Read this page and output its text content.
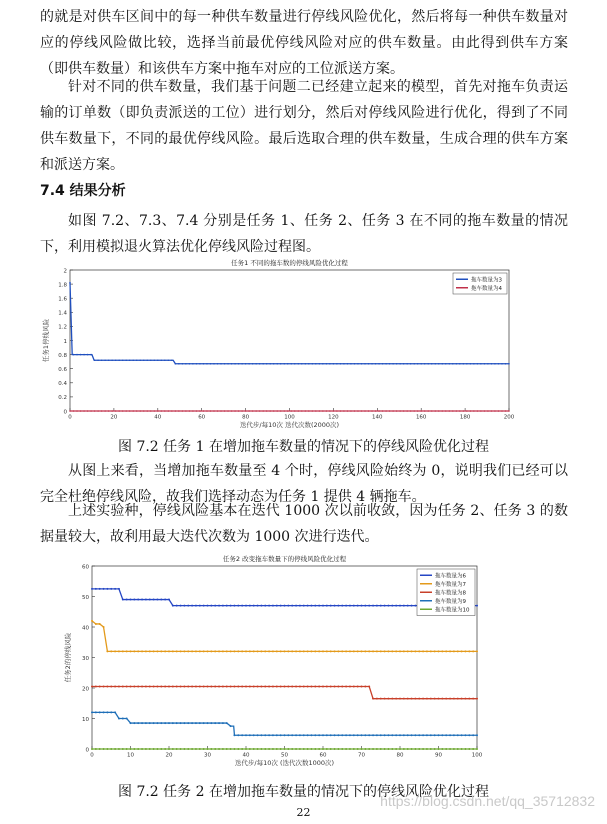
的就是对供车区间中的每一种供车数量进行停线风险优化，然后将每一种供车数量对应的停线风险做比较，选择当前最优停线风险对应的供车数量。由此得到供车方案（即供车数量）和该供车方案中拖车对应的工位派送方案。

针对不同的供车数量，我们基于问题二已经建立起来的模型，首先对拖车负责运输的订单数（即负责派送的工位）进行划分，然后对停线风险进行优化，得到了不同供车数量下，不同的最优停线风险。最后选取合理的供车数量，生成合理的供车方案和派送方案。

7.4 结果分析

如图 7.2、7.3、7.4 分别是任务 1、任务 2、任务 3 在不同的拖车数量的情况下，利用模拟退火算法优化停线风险过程图。

任务1 不同的拖车数的停线风险优化过程
0	20	40	60	80	100	120	140	160	180	200
0
0.2
0.4
0.6
0.8
1
1.2
1.4
1.6
1.8
2
迭代步/每10次 迭代次数(2000次)
任务1停线风险
拖车数量为3
拖车数量为4
图 7.2 任务 1 在增加拖车数量的情况下的停线风险优化过程

从图上来看，当增加拖车数量至 4 个时，停线风险始终为 0，说明我们已经可以完全杜绝停线风险，故我们选择动态为任务 1 提供 4 辆拖车。

上述实验种，停线风险基本在迭代 1000 次以前收敛，因为任务 2、任务 3 的数据量较大，故利用最大迭代次数为 1000 次进行迭代。

任务2 改变拖车数量下的停线风险优化过程
0	10	20	30	40	50	60	70	80	90	100
0
10
20
30
40
50
60
迭代步/每10次 (迭代次数1000次)
任务2的停线风险
拖车数量为6
拖车数量为7
拖车数量为8
拖车数量为9
拖车数量为10
图 7.2 任务 2 在增加拖车数量的情况下的停线风险优化过程
22
https://blog.csdn.net/qq_35712832
